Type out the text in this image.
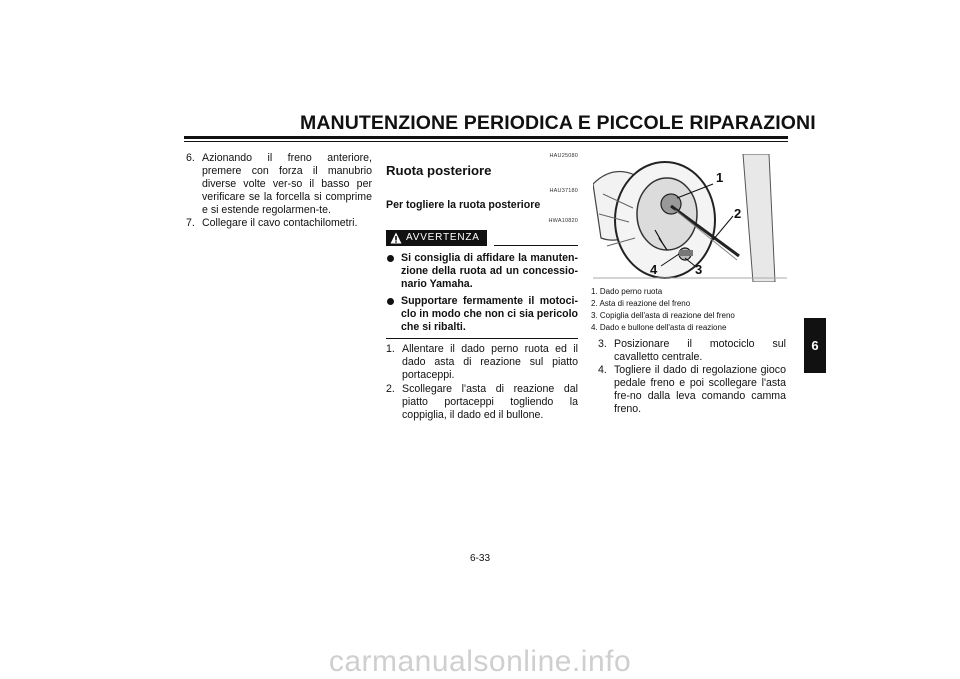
MANUTENZIONE PERIODICA E PICCOLE RIPARAZIONI
6. Azionando il freno anteriore, premere con forza il manubrio diverse volte ver-so il basso per verificare se la forcella si comprime e si estende regolarmen-te.
7. Collegare il cavo contachilometri.
HAU25080
Ruota posteriore
HAU37180
Per togliere la ruota posteriore
HWA10820
AVVERTENZA
Si consiglia di affidare la manuten-zione della ruota ad un concessio-nario Yamaha.
Supportare fermamente il motoci-clo in modo che non ci sia pericolo che si ribalti.
1. Allentare il dado perno ruota ed il dado asta di reazione sul piatto portaceppi.
2. Scollegare l'asta di reazione dal piatto portaceppi togliendo la coppiglia, il dado ed il bullone.
1
2
3
4
1. Dado perno ruota
2. Asta di reazione del freno
3. Copiglia dell'asta di reazione del freno
4. Dado e bullone dell'asta di reazione
3. Posizionare il motociclo sul cavalletto centrale.
4. Togliere il dado di regolazione gioco pedale freno e poi scollegare l'asta fre-no dalla leva comando camma freno.
6
6-33
carmanualsonline.info
